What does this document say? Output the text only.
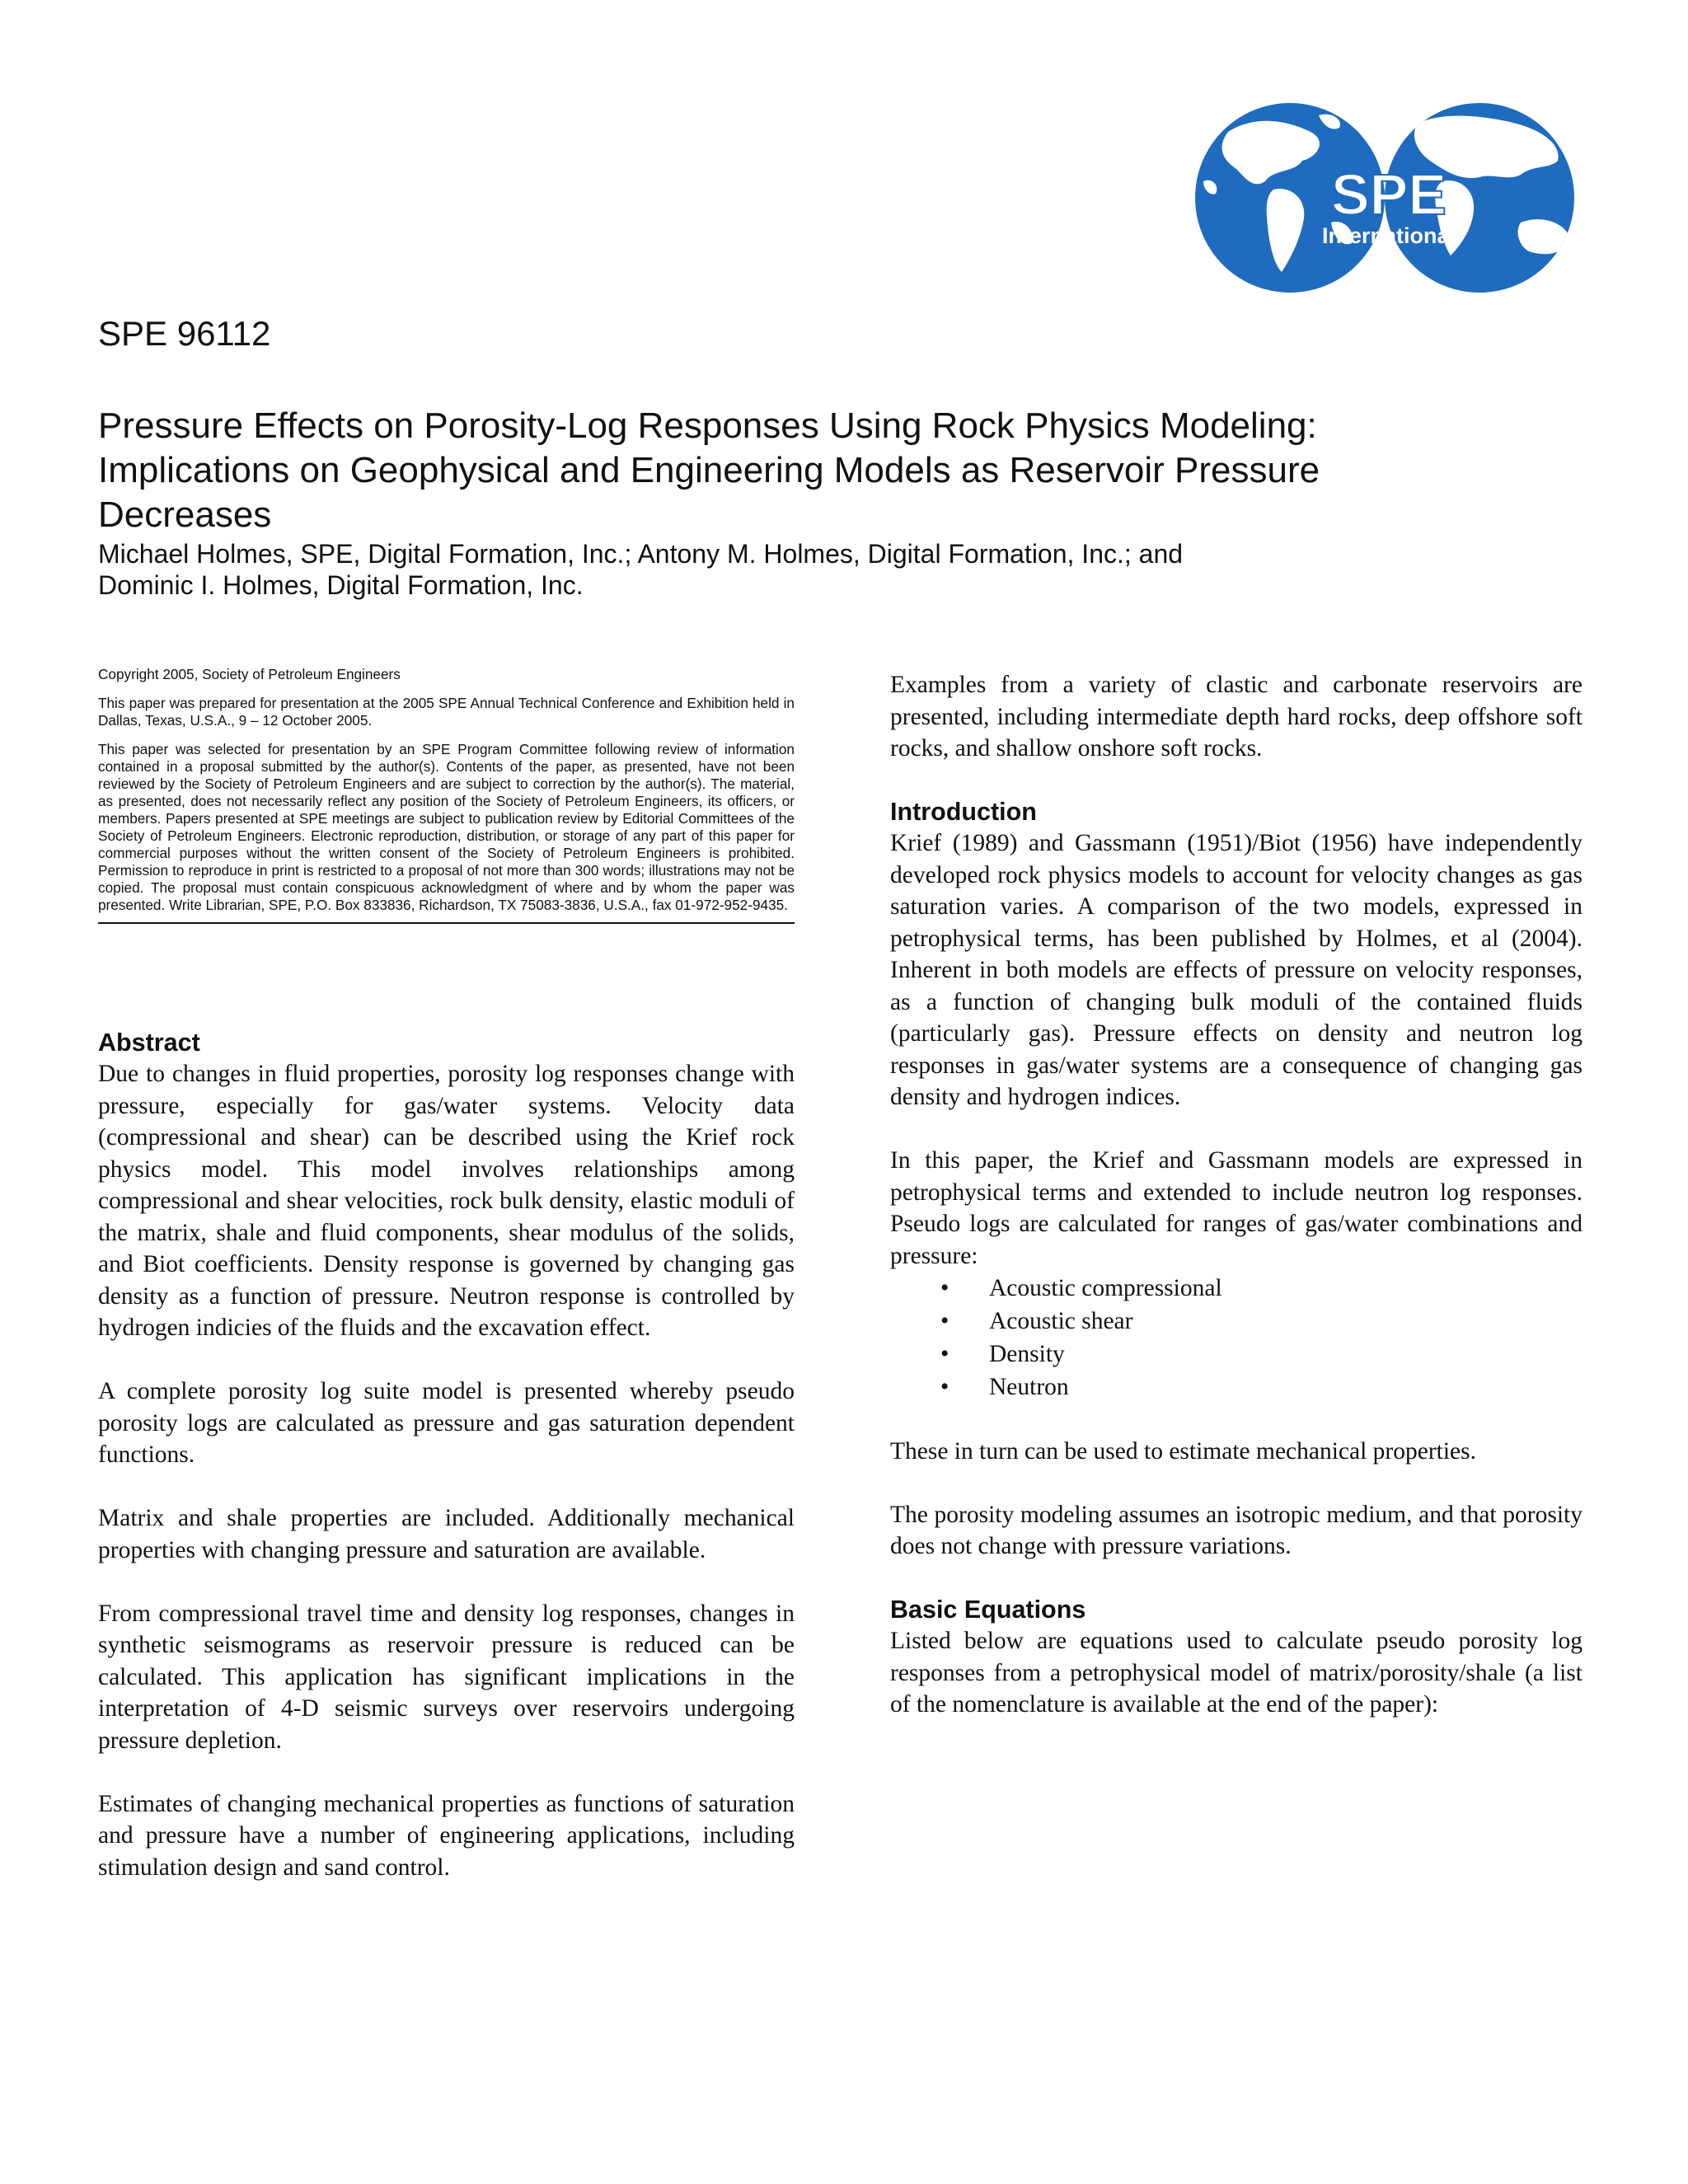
SPE
International
SPE 96112
Pressure Effects on Porosity-Log Responses Using Rock Physics Modeling:
Implications on Geophysical and Engineering Models as Reservoir Pressure
Decreases
Michael Holmes, SPE, Digital Formation, Inc.; Antony M. Holmes, Digital Formation, Inc.; and
Dominic I. Holmes, Digital Formation, Inc.

Copyright 2005, Society of Petroleum Engineers

This paper was prepared for presentation at the 2005 SPE Annual Technical Conference and Exhibition held in Dallas, Texas, U.S.A., 9 – 12 October 2005.

This paper was selected for presentation by an SPE Program Committee following review of information contained in a proposal submitted by the author(s). Contents of the paper, as presented, have not been reviewed by the Society of Petroleum Engineers and are subject to correction by the author(s). The material, as presented, does not necessarily reflect any position of the Society of Petroleum Engineers, its officers, or members. Papers presented at SPE meetings are subject to publication review by Editorial Committees of the Society of Petroleum Engineers. Electronic reproduction, distribution, or storage of any part of this paper for commercial purposes without the written consent of the Society of Petroleum Engineers is prohibited. Permission to reproduce in print is restricted to a proposal of not more than 300 words; illustrations may not be copied. The proposal must contain conspicuous acknowledgment of where and by whom the paper was presented. Write Librarian, SPE, P.O. Box 833836, Richardson, TX 75083-3836, U.S.A., fax 01-972-952-9435.

Abstract

Due to changes in fluid properties, porosity log responses change with pressure, especially for gas/water systems. Velocity data (compressional and shear) can be described using the Krief rock physics model. This model involves relationships among compressional and shear velocities, rock bulk density, elastic moduli of the matrix, shale and fluid components, shear modulus of the solids, and Biot coefficients. Density response is governed by changing gas density as a function of pressure. Neutron response is controlled by hydrogen indicies of the fluids and the excavation effect.

A complete porosity log suite model is presented whereby pseudo porosity logs are calculated as pressure and gas saturation dependent functions.

Matrix and shale properties are included. Additionally mechanical properties with changing pressure and saturation are available.

From compressional travel time and density log responses, changes in synthetic seismograms as reservoir pressure is reduced can be calculated. This application has significant implications in the interpretation of 4-D seismic surveys over reservoirs undergoing pressure depletion.

Estimates of changing mechanical properties as functions of saturation and pressure have a number of engineering applications, including stimulation design and sand control.

Examples from a variety of clastic and carbonate reservoirs are presented, including intermediate depth hard rocks, deep offshore soft rocks, and shallow onshore soft rocks.

Introduction

Krief (1989) and Gassmann (1951)/Biot (1956) have independently developed rock physics models to account for velocity changes as gas saturation varies. A comparison of the two models, expressed in petrophysical terms, has been published by Holmes, et al (2004). Inherent in both models are effects of pressure on velocity responses, as a function of changing bulk moduli of the contained fluids (particularly gas). Pressure effects on density and neutron log responses in gas/water systems are a consequence of changing gas density and hydrogen indices.

In this paper, the Krief and Gassmann models are expressed in petrophysical terms and extended to include neutron log responses. Pseudo logs are calculated for ranges of gas/water combinations and pressure:

• Acoustic compressional
• Acoustic shear
• Density
• Neutron

These in turn can be used to estimate mechanical properties.

The porosity modeling assumes an isotropic medium, and that porosity does not change with pressure variations.

Basic Equations

Listed below are equations used to calculate pseudo porosity log responses from a petrophysical model of matrix/porosity/shale (a list of the nomenclature is available at the end of the paper):
